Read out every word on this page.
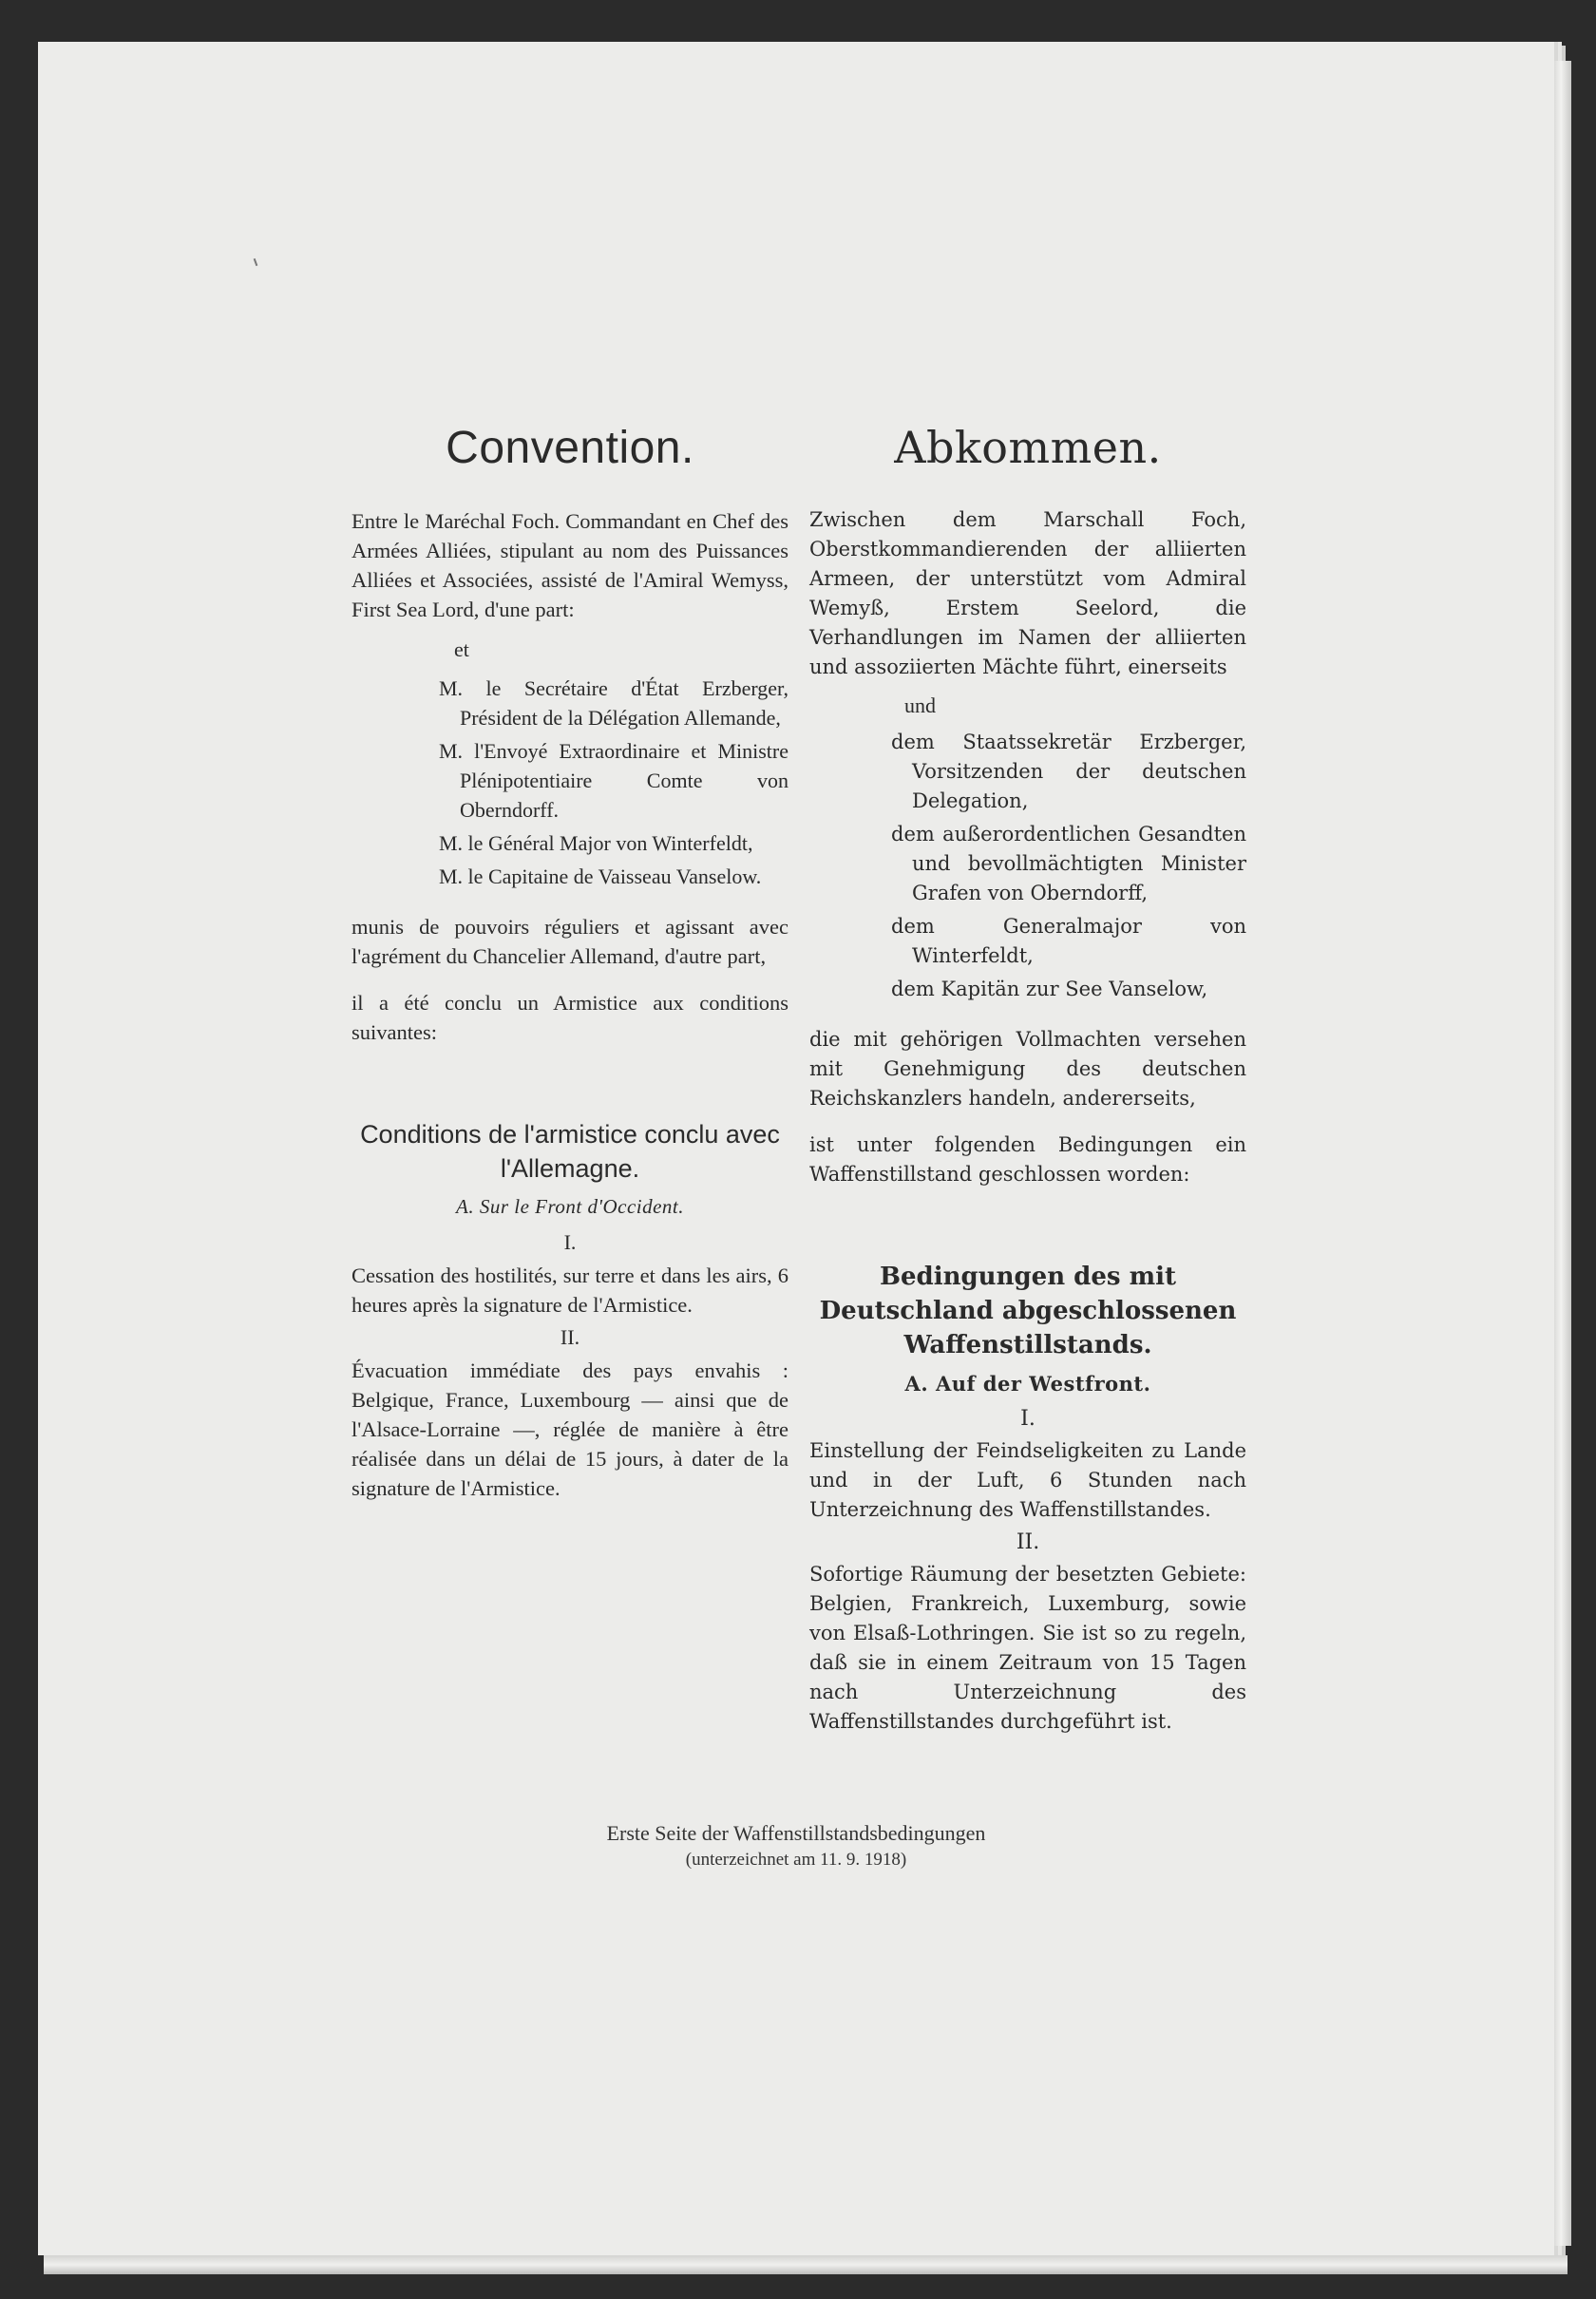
Convention.

Entre le Maréchal Foch. Commandant en Chef des Armées Alliées, stipulant au nom des Puissances Alliées et Associées, assisté de l'Amiral Wemyss, First Sea Lord, d'une part:

et

M. le Secrétaire d'État Erzberger, Président de la Délégation Allemande,

M. l'Envoyé Extraordinaire et Ministre Plénipotentiaire Comte von Oberndorff.

M. le Général Major von Winterfeldt,

M. le Capitaine de Vaisseau Vanselow.

munis de pouvoirs réguliers et agissant avec l'agrément du Chancelier Allemand, d'autre part,

il a été conclu un Armistice aux conditions suivantes:

Conditions de l'armistice conclu avec l'Allemagne.

A. Sur le Front d'Occident.

I.

Cessation des hostilités, sur terre et dans les airs, 6 heures après la signature de l'Armistice.

II.

Évacuation immédiate des pays envahis : Belgique, France, Luxembourg — ainsi que de l'Alsace-Lorraine —, réglée de manière à être réalisée dans un délai de 15 jours, à dater de la signature de l'Armistice.

Abkommen.

Zwischen dem Marschall Foch, Oberstkommandierenden der alliierten Armeen, der unterstützt vom Admiral Wemyß, Erstem Seelord, die Verhandlungen im Namen der alliierten und assoziierten Mächte führt, einerseits

und

dem Staatssekretär Erzberger, Vorsitzenden der deutschen Delegation,

dem außerordentlichen Gesandten und bevollmächtigten Minister Grafen von Oberndorff,

dem Generalmajor von Winterfeldt,

dem Kapitän zur See Vanselow,

die mit gehörigen Vollmachten versehen mit Genehmigung des deutschen Reichskanzlers handeln, andererseits,

ist unter folgenden Bedingungen ein Waffenstillstand geschlossen worden:

Bedingungen des mit Deutschland abgeschlossenen Waffenstillstands.

A. Auf der Westfront.

I.

Einstellung der Feindseligkeiten zu Lande und in der Luft, 6 Stunden nach Unterzeichnung des Waffenstillstandes.

II.

Sofortige Räumung der besetzten Gebiete: Belgien, Frankreich, Luxemburg, sowie von Elsaß-Lothringen. Sie ist so zu regeln, daß sie in einem Zeitraum von 15 Tagen nach Unterzeichnung des Waffenstillstandes durchgeführt ist.

Erste Seite der Waffenstillstandsbedingungen
(unterzeichnet am 11. 9. 1918)
